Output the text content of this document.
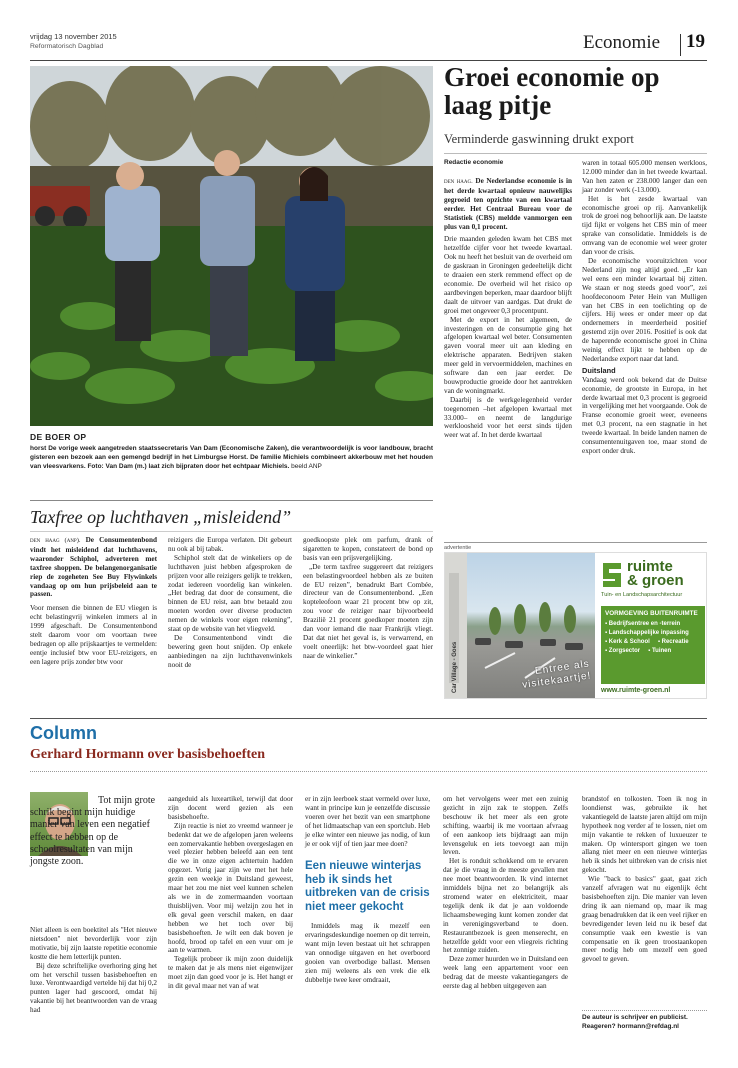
vrijdag 13 november 2015
Reformatorisch Dagblad	Economie 19
DE BOER OP
horst De vorige week aangetreden staatssecretaris Van Dam (Economische Zaken), die verantwoordelijk is voor landbouw, bracht gisteren een bezoek aan een gemengd bedrijf in het Limburgse Horst. De familie Michiels combineert akkerbouw met het houden van vleesvarkens. Foto: Van Dam (m.) laat zich bijpraten door het echtpaar Michiels. beeld ANP
Groei economie op laag pitje
Verminderde gaswinning drukt export
Redactie economie

den haag. De Nederlandse economie is in het derde kwartaal opnieuw nauwelijks gegroeid ten opzichte van een kwartaal eerder. Het Centraal Bureau voor de Statistiek (CBS) meldde vanmorgen een plus van 0,1 procent.

Drie maanden geleden kwam het CBS met hetzelfde cijfer voor het tweede kwartaal. Ook nu heeft het besluit van de overheid om de gaskraan in Groningen gedeeltelijk dicht te draaien een sterk remmend effect op de economie. De overheid wil het risico op aardbevingen beperken, maar daardoor blijft daalt de uitvoer van aardgas. Dat drukt de groei met ongeveer 0,3 procentpunt.

Met de export in het algemeen, de investeringen en de consumptie ging het afgelopen kwartaal wel beter. Consumenten gaven vooral meer uit aan kleding en elektrische apparaten. Bedrijven staken meer geld in vervoermiddelen, machines en software dan een jaar eerder. De bouwproductie groeide door het aantrekken van de woningmarkt.

Daarbij is de werkgelegenheid verder toegenomen –het afgelopen kwartaal met 33.000– en neemt de langdurige werkloosheid voor het eerst sinds tijden weer wat af. In het derde kwartaal

waren in totaal 605.000 mensen werkloos, 12.000 minder dan in het tweede kwartaal. Van hen zaten er 238.000 langer dan een jaar zonder werk (-13.000).

Het is het zesde kwartaal van economische groei op rij. Aanvankelijk trok de groei nog behoorlijk aan. De laatste tijd fijkt er volgens het CBS min of meer sprake van consolidatie. Inmiddels is de omvang van de economie wel weer groter dan voor de crisis.

De economische vooruitzichten voor Nederland zijn nog altijd goed. „Er kan wel eens een minder kwartaal bij zitten. We staan er nog steeds goed voor”, zei hoofdeconoom Peter Hein van Mulligen van het CBS in een toelichting op de cijfers. Hij wees er onder meer op dat ondernemers in meerderheid positief gestemd zijn over 2016. Positief is ook dat de haperende economische groei in China weinig effect lijkt te hebben op de Nederlandse export naar dat land.

Duitsland

Vandaag werd ook bekend dat de Duitse economie, de grootste in Europa, in het derde kwartaal met 0,3 procent is gegroeid in vergelijking met het voorgaande. Ook de Franse economie groeit weer, eveneens met 0,3 procent, na een stagnatie in het tweede kwartaal. In beide landen namen de consumentenuitgaven toe, maar stond de export onder druk.

advertentie
Car Village - Goes	Entree als visitekaartje!
ruimte
& groen
Tuin- en Landschapsarchitectuur
VORMGEVING BUITENRUIMTE
▪ Bedrijfsentree en -terrein
▪ Landschappelijke inpassing
▪ Kerk & School ▪ Recreatie
▪ Zorgsector ▪ Tuinen
www.ruimte-groen.nl
Taxfree op luchthaven „misleidend”

den haag (anp). De Consumentenbond vindt het misleidend dat luchthavens, waaronder Schiphol, adverteren met taxfree shoppen. De belangenorganisatie riep de zogeheten See Buy Flywinkels vandaag op om hun prijsbeleid aan te passen.

Voor mensen die binnen de EU vliegen is echt belastingvrij winkelen immers al in 1999 afgeschaft. De Consumentenbond stelt daarom voor om voortaan twee bedragen op alle prijskaartjes te vermelden: eentje inclusief btw voor EU-reizigers, en een lagere prijs zonder btw voor

reizigers die Europa verlaten. Dit gebeurt nu ook al bij tabak.

Schiphol stelt dat de winkeliers op de luchthaven juist hebben afgesproken de prijzen voor alle reizigers gelijk te trekken, zodat iedereen voordelig kan winkelen. „Het bedrag dat door de consument, die binnen de EU reist, aan btw betaald zou moeten worden over diverse producten nemen de winkels voor eigen rekening”, staat op de website van het vliegveld.

De Consumentenbond vindt die bewering geen hout snijden. Op enkele aanbiedingen na zijn luchthavenwinkels nooit de

goedkoopste plek om parfum, drank of sigaretten te kopen, constateert de bond op basis van een prijsvergelijking.

„De term taxfree suggereert dat reizigers een belastingvoordeel hebben als ze buiten de EU reizen”, benadrukt Bart Combée, directeur van de Consumentenbond. „Een kopteleofoon waar 21 procent btw op zit, zou voor de reiziger naar bijvoorbeeld Brazilië 21 procent goedkoper moeten zijn dan voor iemand die naar Frankrijk vliegt. Dat dat niet het geval is, is verwarrend, en voelt oneerlijk: het btw-voordeel gaat hier naar de winkelier.”

Column
Gerhard Hormann over basisbehoeften
Tot mijn grote schrik begint mijn huidige manier van leven een negatief effect te hebben op de schoolresultaten van mijn jongste zoon.

Niet alleen is een boektitel als "Het nieuwe nietsdoen" niet bevorderlijk voor zijn motivatie, bij zijn laatste repetitie economie kostte die hem letterlijk punten.

Bij deze schriftelijke overhoring ging het om het verschil tussen basisbehoeften en luxe. Verontwaardigd vertelde hij dat hij 0,2 punten lager had gescoord, omdat hij vakantie bij het beantwoorden van de vraag had

aangeduid als luxeartikel, terwijl dat door zijn docent werd gezien als een basisbehoefte.

Zijn reactie is niet zo vreemd wanneer je bedenkt dat we de afgelopen jaren weleens een zomervakantie hebben overgeslagen en veel plezier hebben beleefd aan een tent die we in onze eigen achtertuin hadden opgezet. Vorig jaar zijn we met het hele gezin een weekje in Duitsland geweest, maar het zou me niet veel kunnen schelen als we in de zomermaanden voortaan thuisblijven. Voor mij welzijn zou het in elk geval geen verschil maken, en daar hebben we het toch over bij basisbehoeften. Je wilt een dak boven je hoofd, brood op tafel en een vuur om je aan te warmen.

Tegelijk probeer ik mijn zoon duidelijk te maken dat je als mens niet eigenwijzer moet zijn dan goed voor je is. Het hangt er in dit geval maar net van af wat

er in zijn leerboek staat vermeld over luxe, want in principe kun je eenzelfde discussie voeren over het bezit van een smartphone of het lidmaatschap van een sportclub. Heb je elke winter een nieuwe jas nodig, of kun je er ook vijf of tien jaar mee doen?

Een nieuwe winterjas heb ik sinds het uitbreken van de crisis niet meer gekocht

Inmiddels mag ik mezelf een ervaringsdeskundige noemen op dit terrein, want mijn leven bestaat uit het schrappen van onnodige uitgaven en het overboord gooien van overbodige ballast. Mensen zien mij weleens als een vrek die elk dubbeltje twee keer omdraait,

om het vervolgens weer met een zuinig gezicht in zijn zak te stoppen. Zelfs beschouw ik het meer als een grote schifting, waarbij ik me voortaan afvraag of een aankoop iets bijdraagt aan mijn levensgeluk en iets toevoegt aan mijn leven.

Het is ronduit schokkend om te ervaren dat je die vraag in de meeste gevallen met nee moet beantwoorden. Ik vind internet inmiddels bijna net zo belangrijk als stromend water en elektriciteit, maar tegelijk denk ik dat je aan voldoende lichaamsbeweging kunt komen zonder dat in verenigingsverband te doen. Restaurantbezoek is geen menserecht, en hetzelfde geldt voor een vliegreis richting het zonnige zuiden.

Deze zomer huurden we in Duitsland een week lang een appartement voor een bedrag dat de meeste vakantiegangers de eerste dag al hebben uitgegeven aan

brandstof en tolkosten. Toen ik nog in loondienst was, gebruikte ik het vakantiegeld de laatste jaren altijd om mijn hypotheek nog verder af te lossen, niet om mijn vakantie te rekken of luxueuzer te maken. Op wintersport gingen we toen allang niet meer en een nieuwe winterjas heb ik sinds het uitbreken van de crisis niet gekocht.

Wie "back to basics" gaat, gaat zich vanzelf afvragen wat nu eigenlijk écht basisbehoeften zijn. Die manier van leven dring ik aan niemand op, maar ik mag graag benadrukken dat ik een veel rijker en bevredigender leven leid nu ik besef dat consumptie vaak een kwestie is van compensatie en ik geen troostaankopen meer nodig heb om mezelf een goed gevoel te geven.

De auteur is schrijver en publicist. Reageren? hormann@refdag.nl
